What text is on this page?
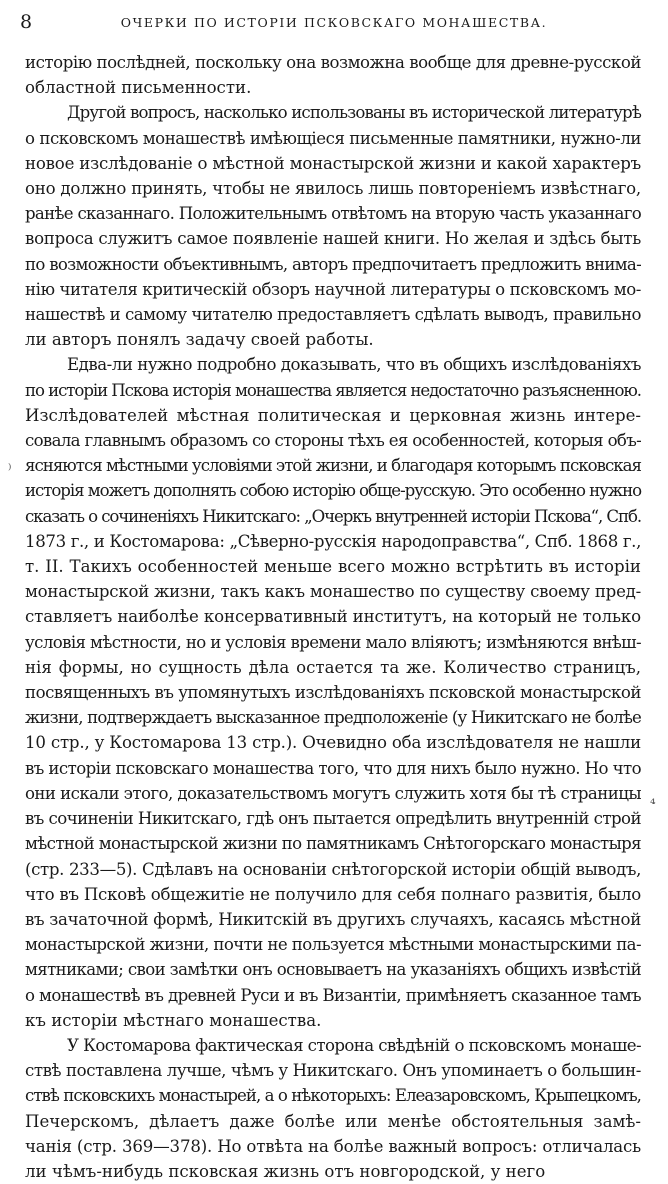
8	ОЧЕРКИ ПО ИСТОРIИ ПСКОВСКАГО МОНАШЕСТВА.

исторiю послѣдней, поскольку она возможна вообще для древне-русской

областной письменности.

Другой вопросъ, насколько использованы въ исторической литературѣ

о псковскомъ монашествѣ имѣющiеся письменные памятники, нужно-ли

новое изслѣдованiе о мѣстной монастырской жизни и какой характеръ

оно должно принять, чтобы не явилось лишь повторенiемъ извѣстнаго,

ранѣе сказаннаго. Положительнымъ отвѣтомъ на вторую часть указаннаго

вопроса служитъ самое появленiе нашей книги. Но желая и здѣсь быть

по возможности объективнымъ, авторъ предпочитаетъ предложить внима-

нiю читателя критическiй обзоръ научной литературы о псковскомъ мо-

нашествѣ и самому читателю предоставляетъ сдѣлать выводъ, правильно

ли авторъ понялъ задачу своей работы.

Едва-ли нужно подробно доказывать, что въ общихъ изслѣдованiяхъ

по исторiи Пскова исторiя монашества является недостаточно разъясненною.

Изслѣдователей мѣстная политическая и церковная жизнь интере-

совала главнымъ образомъ со стороны тѣхъ ея особенностей, которыя объ-

ясняются мѣстными условiями этой жизни, и благодаря которымъ псковская

исторiя можетъ дополнять собою исторiю обще-русскую. Это особенно нужно

сказать о сочиненiяхъ Никитскаго: „Очеркъ внутренней исторiи Пскова“, Спб.

1873 г., и Костомарова: „Сѣверно-русскiя народоправства“, Спб. 1868 г.,

т. II. Такихъ особенностей меньше всего можно встрѣтить въ исторiи

монастырской жизни, такъ какъ монашество по существу своему пред-

ставляетъ наиболѣе консервативный институтъ, на который не только

условiя мѣстности, но и условiя времени мало влiяютъ; измѣняются внѣш-

нiя формы, но сущность дѣла остается та же. Количество страницъ,

посвященныхъ въ упомянутыхъ изслѣдованiяхъ псковской монастырской

жизни, подтверждаетъ высказанное предположенiе (у Никитскаго не болѣе

10 стр., у Костомарова 13 стр.). Очевидно оба изслѣдователя не нашли

въ исторiи псковскаго монашества того, что для нихъ было нужно. Но что

они искали этого, доказательствомъ могутъ служить хотя бы тѣ страницы

въ сочиненiи Никитскаго, гдѣ онъ пытается опредѣлить внутреннiй строй

мѣстной монастырской жизни по памятникамъ Снѣтогорскаго монастыря

(стр. 233—5). Сдѣлавъ на основанiи снѣтогорской исторiи общiй выводъ,

что въ Псковѣ общежитiе не получило для себя полнаго развитiя, было

въ зачаточной формѣ, Никитскiй въ другихъ случаяхъ, касаясь мѣстной

монастырской жизни, почти не пользуется мѣстными монастырскими па-

мятниками; свои замѣтки онъ основываетъ на указанiяхъ общихъ извѣстiй

о монашествѣ въ древней Руси и въ Византiи, примѣняетъ сказанное тамъ

къ исторiи мѣстнаго монашества.

У Костомарова фактическая сторона свѣдѣнiй о псковскомъ монаше-

ствѣ поставлена лучше, чѣмъ у Никитскаго. Онъ упоминаетъ о большин-

ствѣ псковскихъ монастырей, а о нѣкоторыхъ: Елеазаровскомъ, Крыпецкомъ,

Печерскомъ, дѣлаетъ даже болѣе или менѣе обстоятельныя замѣ-

чанiя (стр. 369—378). Но отвѣта на болѣе важный вопросъ: отличалась

ли чѣмъ-нибудь псковская жизнь отъ новгородской, у него

⁾
₄
